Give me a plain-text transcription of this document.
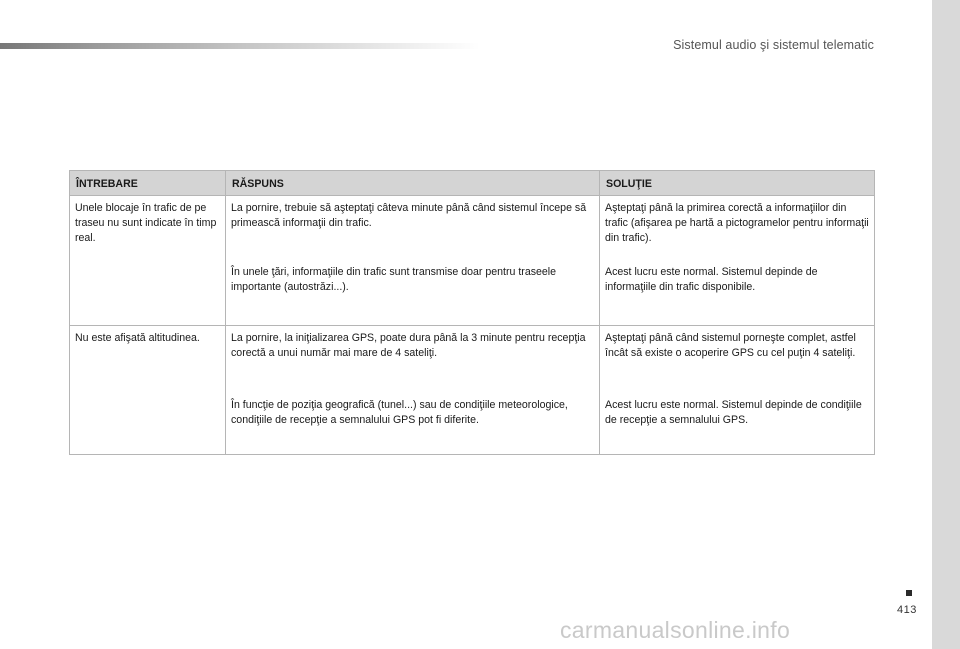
Sistemul audio şi sistemul telematic
ÎNTREBARE	RĂSPUNS	SOLUŢIE
Unele blocaje în trafic de pe traseu nu sunt indicate în timp real.	La pornire, trebuie să aşteptaţi câteva minute până când sistemul începe să primească informaţii din trafic.	Aşteptaţi până la primirea corectă a informaţiilor din trafic (afişarea pe hartă a pictogramelor pentru informaţii din trafic).
	În unele ţări, informaţiile din trafic sunt transmise doar pentru traseele importante (autostrăzi...).	Acest lucru este normal. Sistemul depinde de informaţiile din trafic disponibile.
Nu este afişată altitudinea.	La pornire, la iniţializarea GPS, poate dura până la 3 minute pentru recepţia corectă a unui număr mai mare de 4 sateliţi.	Aşteptaţi până când sistemul porneşte complet, astfel încât să existe o acoperire GPS cu cel puţin 4 sateliţi.
	În funcţie de poziţia geografică (tunel...) sau de condiţiile meteorologice, condiţiile de recepţie a semnalului GPS pot fi diferite.	Acest lucru este normal. Sistemul depinde de condiţiile de recepţie a semnalului GPS.
413
carmanualsonline.info
